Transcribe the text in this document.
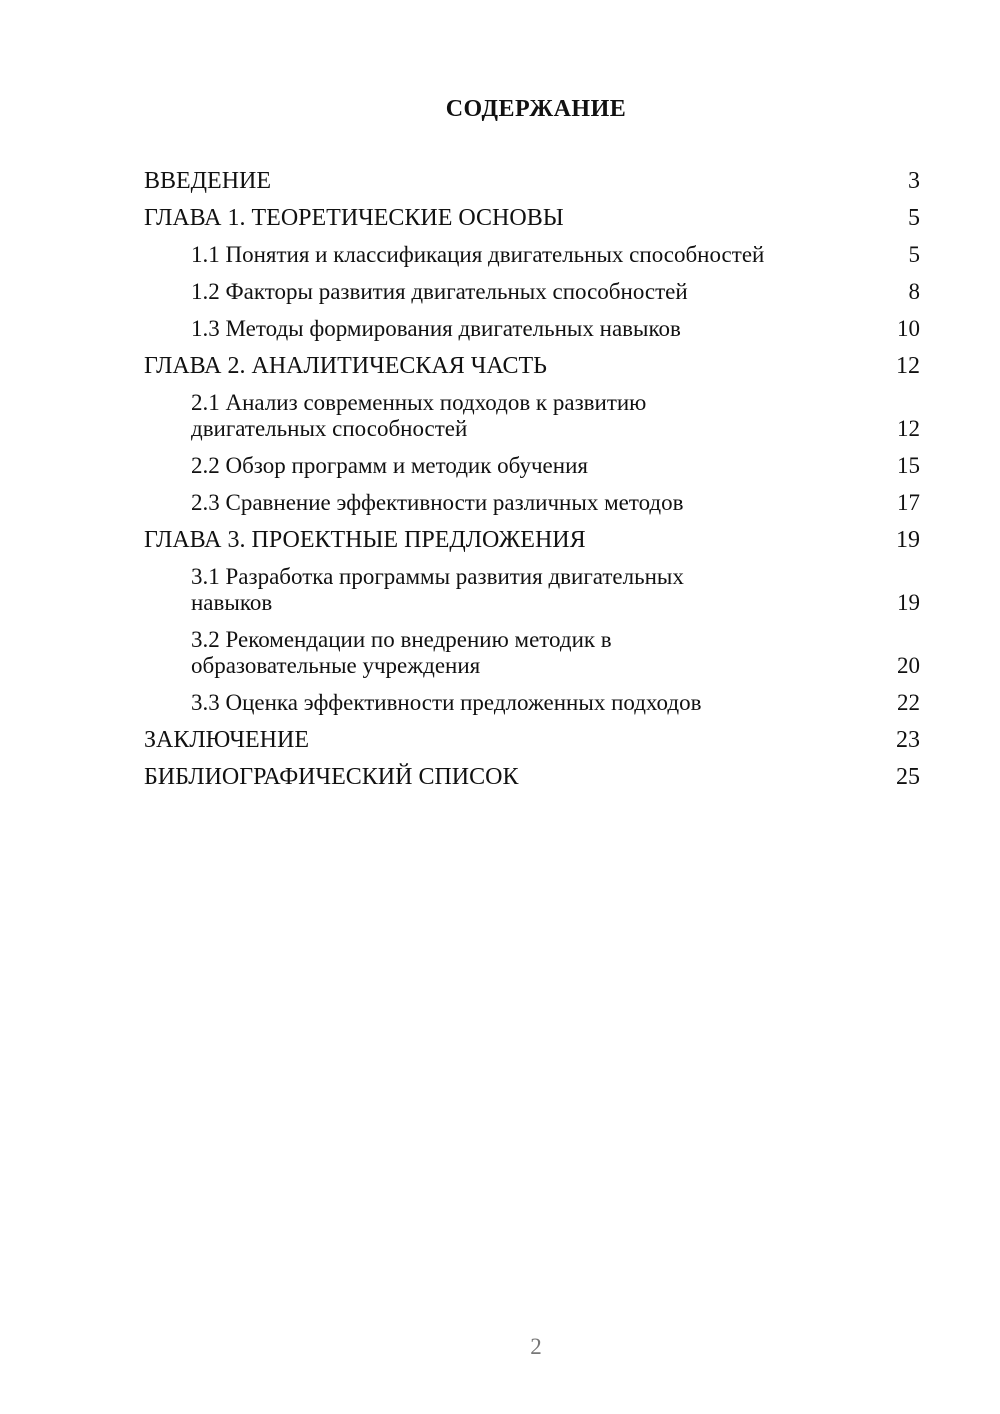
СОДЕРЖАНИЕ
ВВЕДЕНИЕ	3
ГЛАВА 1. ТЕОРЕТИЧЕСКИЕ ОСНОВЫ	5
1.1 Понятия и классификация двигательных способностей	5
1.2 Факторы развития двигательных способностей	8
1.3 Методы формирования двигательных навыков	10
ГЛАВА 2. АНАЛИТИЧЕСКАЯ ЧАСТЬ	12
2.1 Анализ современных подходов к развитию
двигательных способностей	12
2.2 Обзор программ и методик обучения	15
2.3 Сравнение эффективности различных методов	17
ГЛАВА 3. ПРОЕКТНЫЕ ПРЕДЛОЖЕНИЯ	19
3.1 Разработка программы развития двигательных
навыков	19
3.2 Рекомендации по внедрению методик в
образовательные учреждения	20
3.3 Оценка эффективности предложенных подходов	22
ЗАКЛЮЧЕНИЕ	23
БИБЛИОГРАФИЧЕСКИЙ СПИСОК	25
2
